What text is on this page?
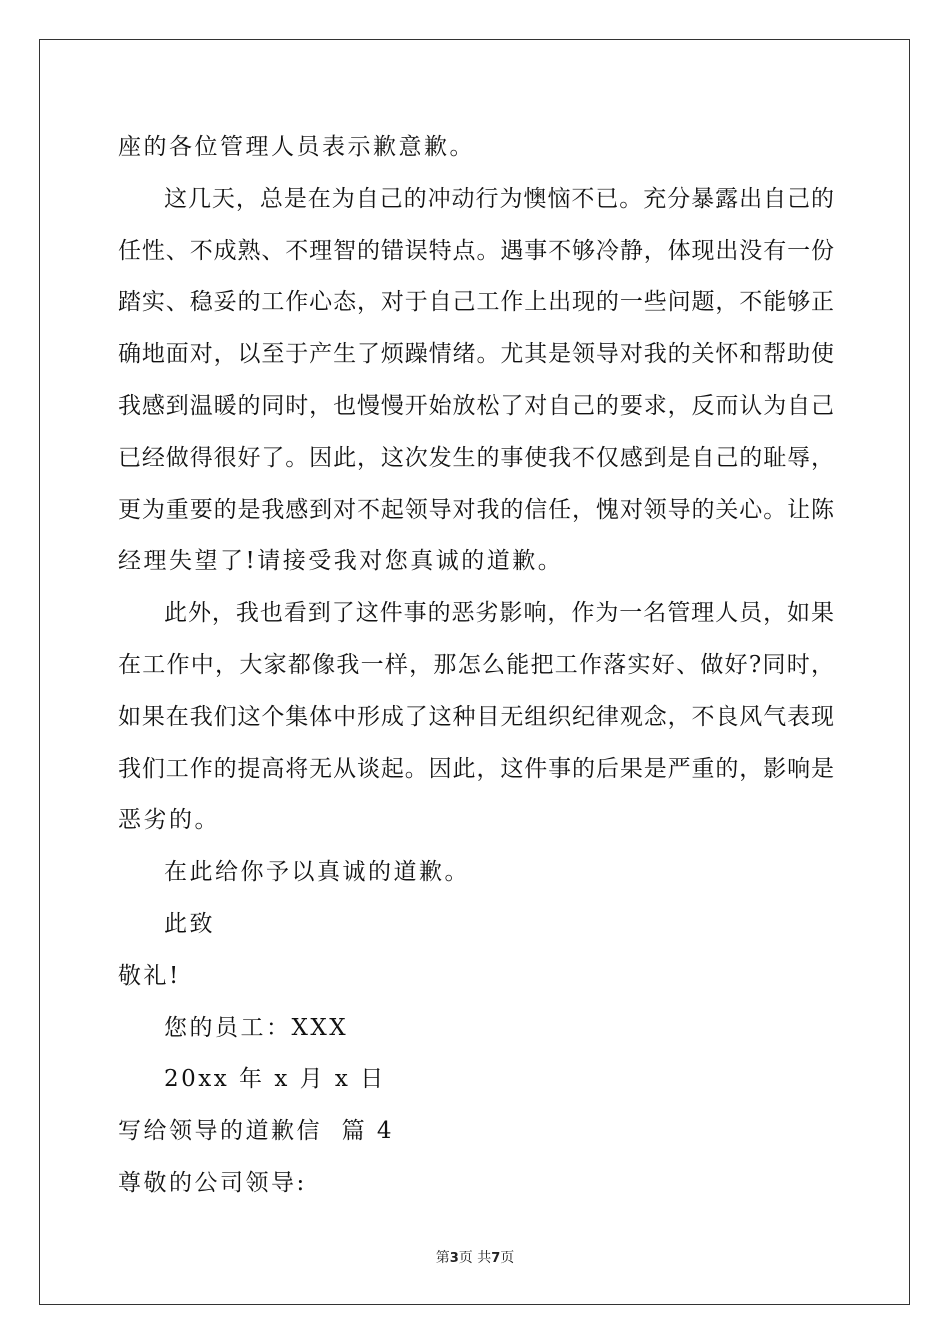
座的各位管理人员表示歉意歉。
这几天，总是在为自己的冲动行为懊恼不已。充分暴露出自己的
任性、不成熟、不理智的错误特点。遇事不够冷静，体现出没有一份
踏实、稳妥的工作心态，对于自己工作上出现的一些问题，不能够正
确地面对，以至于产生了烦躁情绪。尤其是领导对我的关怀和帮助使
我感到温暖的同时，也慢慢开始放松了对自己的要求，反而认为自己
已经做得很好了。因此，这次发生的事使我不仅感到是自己的耻辱，
更为重要的是我感到对不起领导对我的信任，愧对领导的关心。让陈
经理失望了!请接受我对您真诚的道歉。
此外，我也看到了这件事的恶劣影响，作为一名管理人员，如果
在工作中，大家都像我一样，那怎么能把工作落实好、做好?同时，
如果在我们这个集体中形成了这种目无组织纪律观念，不良风气表现
我们工作的提高将无从谈起。因此，这件事的后果是严重的，影响是
恶劣的。
在此给你予以真诚的道歉。
此致
敬礼!
您的员工：XXX
20xx 年 x 月 x 日
写给领导的道歉信  篇 4
尊敬的公司领导:
第3页 共7页
